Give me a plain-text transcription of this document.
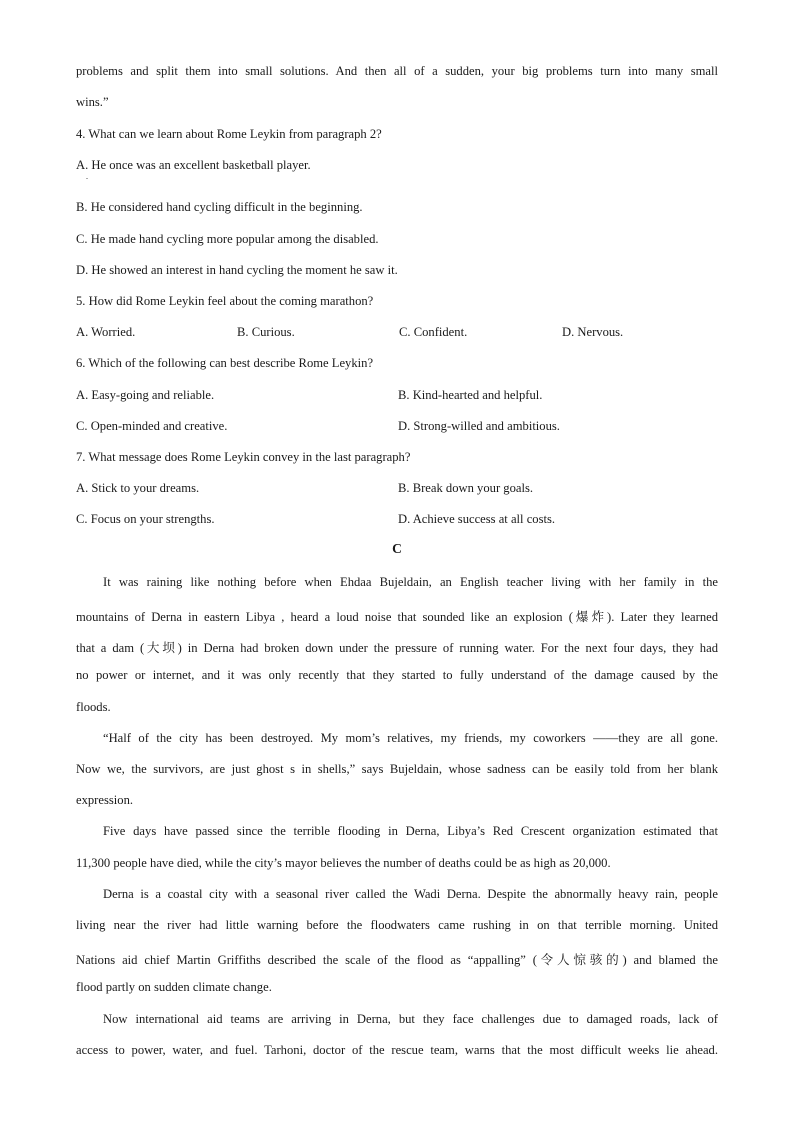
problems and split them into small solutions. And then all of a sudden, your big problems turn into many small
wins.”
4. What can we learn about Rome Leykin from paragraph 2?
A. He once was an excellent basketball player.
.
B. He considered hand cycling difficult in the beginning.
C. He made hand cycling more popular among the disabled.
D. He showed an interest in hand cycling the moment he saw it.
5. How did Rome Leykin feel about the coming marathon?
A. Worried.	B. Curious.	C. Confident.	D. Nervous.
6. Which of the following can best describe Rome Leykin?
A. Easy-going and reliable.	B. Kind-hearted and helpful.
C. Open-minded and creative.	D. Strong-willed and ambitious.
7. What message does Rome Leykin convey in the last paragraph?
A. Stick to your dreams.	B. Break down your goals.
C. Focus on your strengths.	D. Achieve success at all costs.
C
It was raining like nothing before when Ehdaa Bujeldain, an English teacher living with her family in the
mountains of Derna in eastern Libya , heard a loud noise that sounded like an explosion (爆炸). Later they learned
that a dam (大坝) in Derna had broken down under the pressure of running water. For the next four days, they had
no power or internet, and it was only recently that they started to fully understand of the damage caused by the
floods.
“Half of the city has been destroyed. My mom’s relatives, my friends, my coworkers ——they are all gone.
Now we, the survivors, are just ghost s in shells,” says Bujeldain, whose sadness can be easily told from her blank
expression.
Five days have passed since the terrible flooding in Derna, Libya’s Red Crescent organization estimated that
11,300 people have died, while the city’s mayor believes the number of deaths could be as high as 20,000.
Derna is a coastal city with a seasonal river called the Wadi Derna. Despite the abnormally heavy rain, people
living near the river had little warning before the floodwaters came rushing in on that terrible morning. United
Nations aid chief Martin Griffiths described the scale of the flood as “appalling” (令人惊骇的) and blamed the
flood partly on sudden climate change.
Now international aid teams are arriving in Derna, but they face challenges due to damaged roads, lack of
access to power, water, and fuel. Tarhoni, doctor of the rescue team, warns that the most difficult weeks lie ahead.
